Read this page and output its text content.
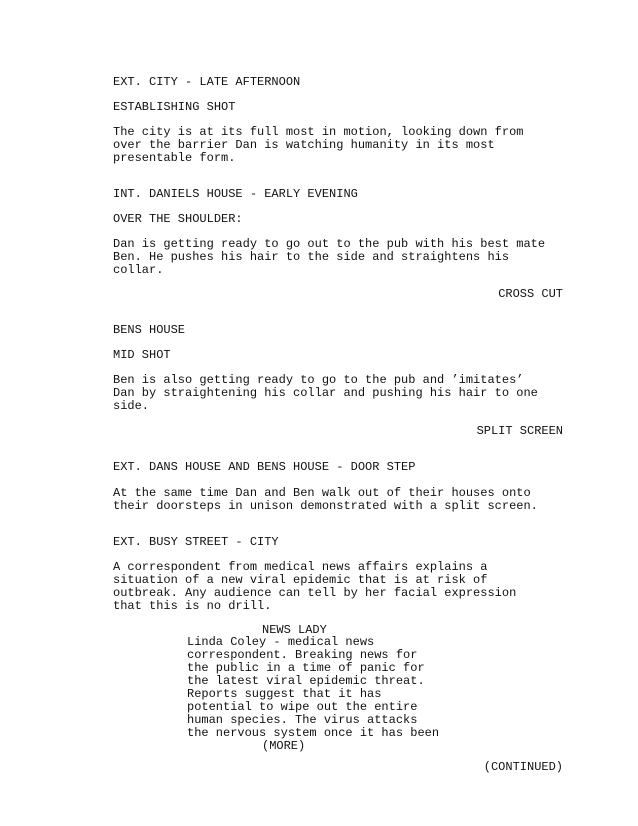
EXT. CITY - LATE AFTERNOON

ESTABLISHING SHOT

The city is at its full most in motion, looking down from

over the barrier Dan is watching humanity in its most

presentable form.

INT. DANIELS HOUSE - EARLY EVENING

OVER THE SHOULDER:

Dan is getting ready to go out to the pub with his best mate

Ben. He pushes his hair to the side and straightens his

collar.

CROSS CUT

BENS HOUSE

MID SHOT

Ben is also getting ready to go to the pub and ’imitates’

Dan by straightening his collar and pushing his hair to one

side.

SPLIT SCREEN

EXT. DANS HOUSE AND BENS HOUSE - DOOR STEP

At the same time Dan and Ben walk out of their houses onto

their doorsteps in unison demonstrated with a split screen.

EXT. BUSY STREET - CITY

A correspondent from medical news affairs explains a

situation of a new viral epidemic that is at risk of

outbreak. Any audience can tell by her facial expression

that this is no drill.

NEWS LADY

Linda Coley - medical news

correspondent. Breaking news for

the public in a time of panic for

the latest viral epidemic threat.

Reports suggest that it has

potential to wipe out the entire

human species. The virus attacks

the nervous system once it has been

(MORE)

(CONTINUED)
